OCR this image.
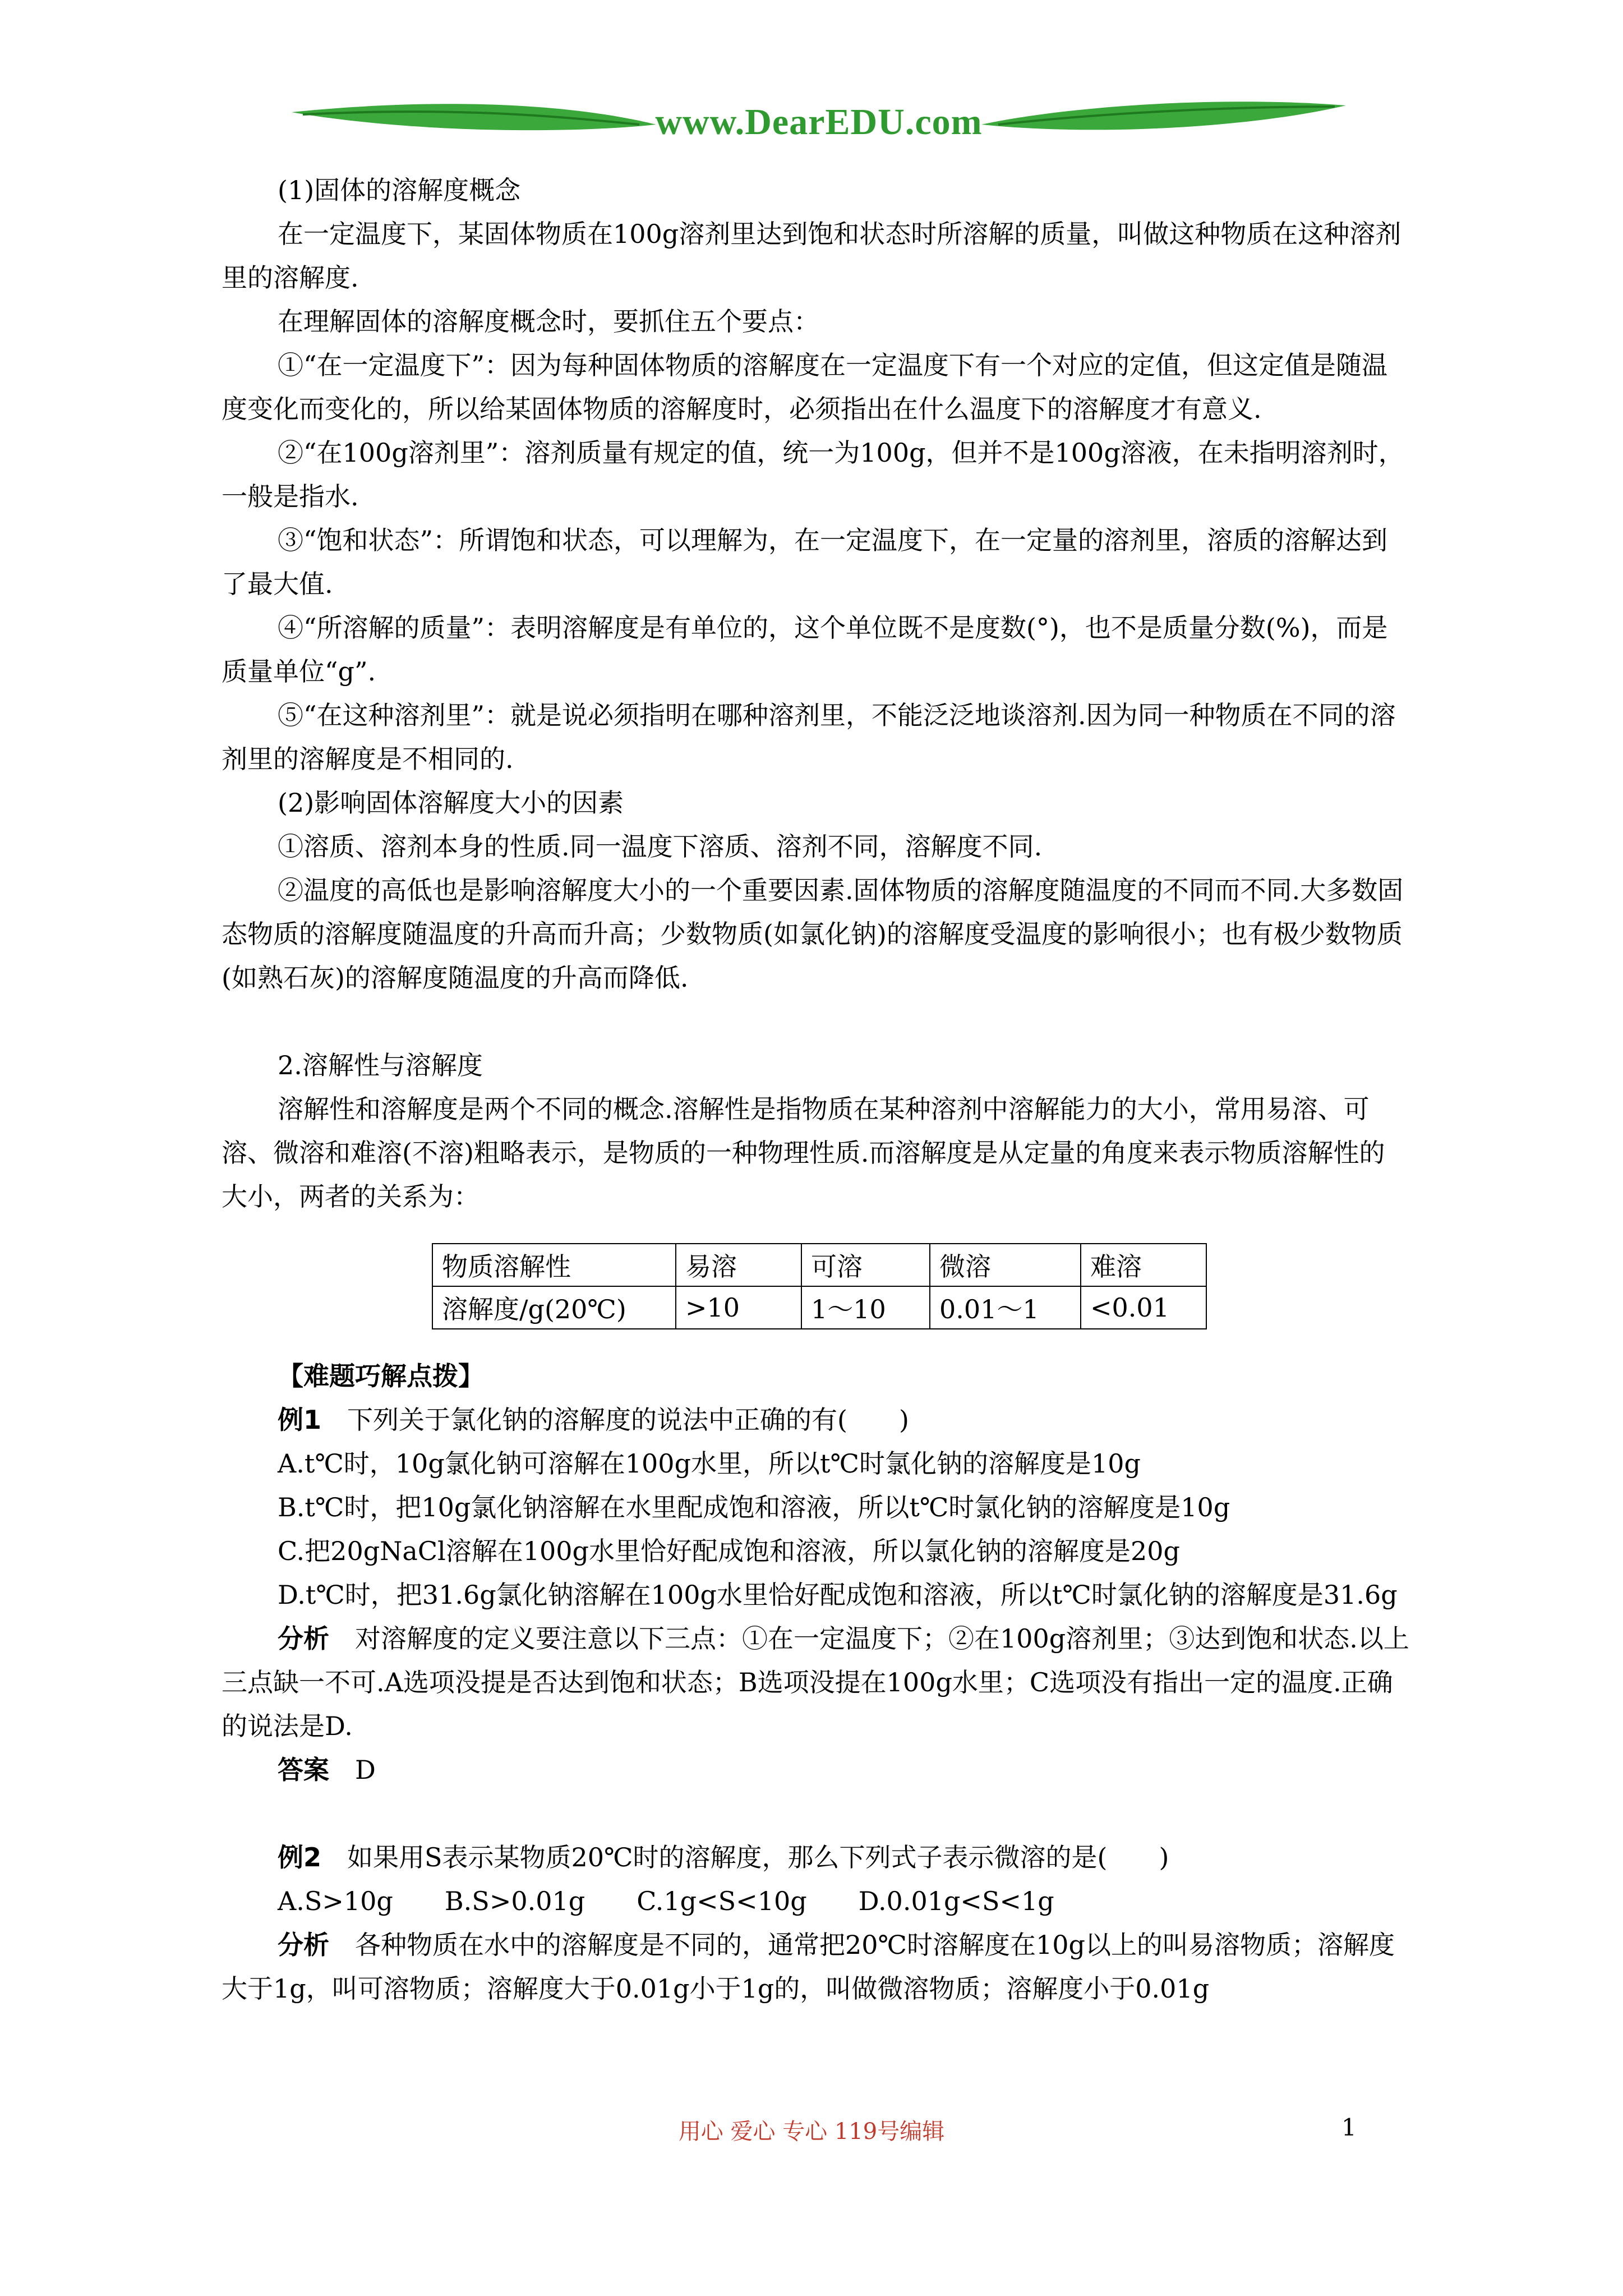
www.DearEDU.com

(1)固体的溶解度概念

在一定温度下，某固体物质在100g溶剂里达到饱和状态时所溶解的质量，叫做这种物质在这种溶剂里的溶解度.

在理解固体的溶解度概念时，要抓住五个要点：

①“在一定温度下”：因为每种固体物质的溶解度在一定温度下有一个对应的定值，但这定值是随温度变化而变化的，所以给某固体物质的溶解度时，必须指出在什么温度下的溶解度才有意义.

②“在100g溶剂里”：溶剂质量有规定的值，统一为100g，但并不是100g溶液，在未指明溶剂时，一般是指水.

③“饱和状态”：所谓饱和状态，可以理解为，在一定温度下，在一定量的溶剂里，溶质的溶解达到了最大值.

④“所溶解的质量”：表明溶解度是有单位的，这个单位既不是度数(°)，也不是质量分数(%)，而是质量单位“g”.

⑤“在这种溶剂里”：就是说必须指明在哪种溶剂里，不能泛泛地谈溶剂.因为同一种物质在不同的溶剂里的溶解度是不相同的.

(2)影响固体溶解度大小的因素

①溶质、溶剂本身的性质.同一温度下溶质、溶剂不同，溶解度不同.

②温度的高低也是影响溶解度大小的一个重要因素.固体物质的溶解度随温度的不同而不同.大多数固态物质的溶解度随温度的升高而升高；少数物质(如氯化钠)的溶解度受温度的影响很小；也有极少数物质(如熟石灰)的溶解度随温度的升高而降低.

2.溶解性与溶解度

溶解性和溶解度是两个不同的概念.溶解性是指物质在某种溶剂中溶解能力的大小，常用易溶、可溶、微溶和难溶(不溶)粗略表示，是物质的一种物理性质.而溶解度是从定量的角度来表示物质溶解性的大小，两者的关系为：

物质溶解性	易溶	可溶	微溶	难溶
溶解度/g(20℃)	>10	1～10	0.01～1	<0.01

【难题巧解点拨】

例1　 下列关于氯化钠的溶解度的说法中正确的有(　　)

A.t℃时，10g氯化钠可溶解在100g水里，所以t℃时氯化钠的溶解度是10g

B.t℃时，把10g氯化钠溶解在水里配成饱和溶液，所以t℃时氯化钠的溶解度是10g

C.把20gNaCl溶解在100g水里恰好配成饱和溶液，所以氯化钠的溶解度是20g

D.t℃时，把31.6g氯化钠溶解在100g水里恰好配成饱和溶液，所以t℃时氯化钠的溶解度是31.6g

分析　 对溶解度的定义要注意以下三点：①在一定温度下；②在100g溶剂里；③达到饱和状态.以上三点缺一不可.A选项没提是否达到饱和状态；B选项没提在100g水里；C选项没有指出一定的温度.正确的说法是D.

答案　 D

例2　 如果用S表示某物质20℃时的溶解度，那么下列式子表示微溶的是(　　)

A.S>10g　　B.S>0.01g　　C.1g<S<10g　　D.0.01g<S<1g

分析　 各种物质在水中的溶解度是不同的，通常把20℃时溶解度在10g以上的叫易溶物质；溶解度大于1g，叫可溶物质；溶解度大于0.01g小于1g的，叫做微溶物质；溶解度小于0.01g

用心 爱心 专心 119号编辑	1
